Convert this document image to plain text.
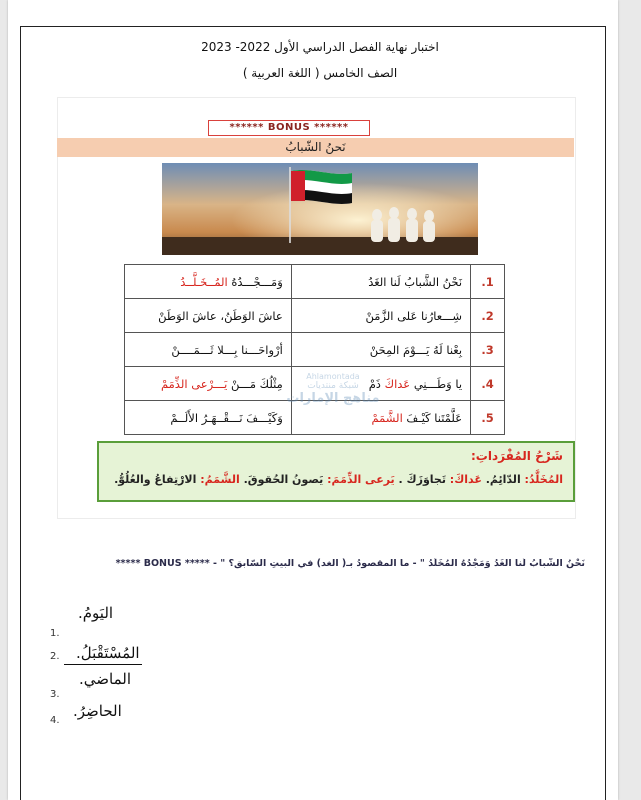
اختبار نهاية الفصل الدراسي الأول 2022- 2023
الصف الخامس ( اللغة العربية )
****** BONUS ******
نَحنُ الشّبابُ
1.	نَحْنُ الشَّبابُ لَنا الغَدُ	وَمَـــجْـــدُهُ المُــخَـلَّــدُ
2.	شِـــعارُنا عَلى الزَّمَنْ	عاشَ الوَطَنُ، عاشَ الوَطَنْ
3.	بِعْنا لَهُ يَـــوْمَ المِحَنْ	أرْواحَـــنا بِـــلا ثَـــمَــــنْ
4.	يا وَطَـــنِي عَداكَ ذَمْ	مِثْلُكَ مَـــنْ يَـــرْعى الذِّمَمْ
5.	عَلَّمْتَنا كَيْـفَ الشَّمَمْ	وَكَيْـــفَ نَـــقْــهَـرُ الأَلَــمْ
Ahlamontada
شبكة منتديات
مناهج الإمارات
شَرْحُ المُفْرَداتِ:
المُخَلَّدُ: الدّائِمُ. عَداكَ: تَجاوَزَكَ . يَرعى الذِّمَمَ: يَصونُ الحُقوقَ. الشَّمَمُ: الارْتِفاعُ والعُلُوُّ.
نَحْنُ الشَّبابُ لَنا الغَدُ وَمَجْدُهُ المُخَلَّدُ " - ما المقصودُ بـ( الغد) في البيتِ السّابقِ؟ " - ***** BONUS *****
اليَومُ.
1.
المُسْتَقْبَلُ.
2.
الماضي.
3.
الحاضِرُ.
4.
